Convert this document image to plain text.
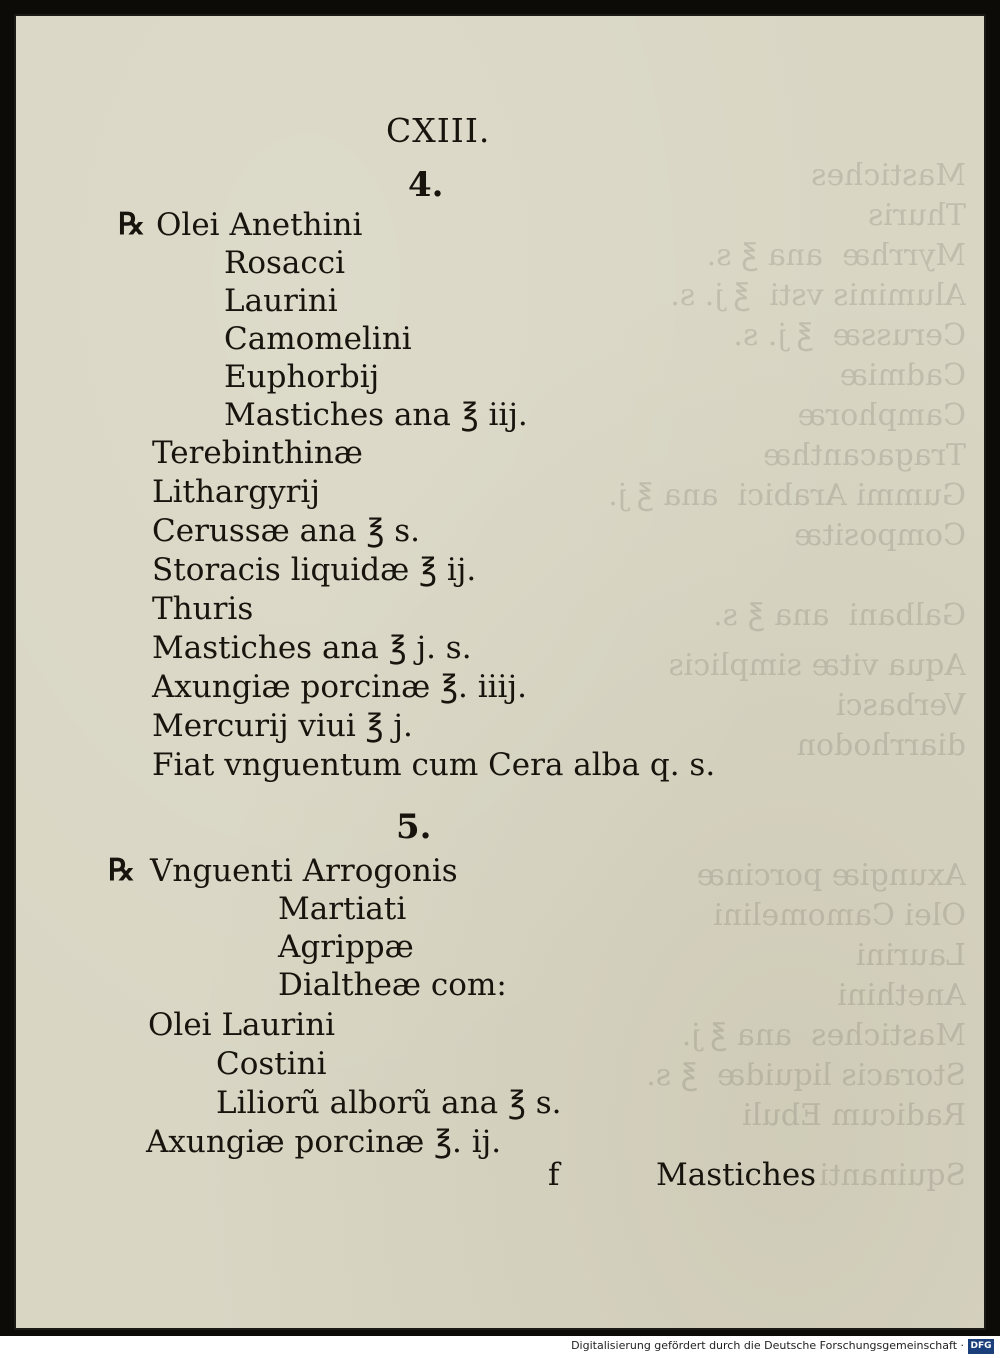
Mastiches
Thuris
Myrrhæ  ana ℥ s.
Aluminis vsti  ℥ j. s.
Cerussæ  ℥ j. s.
Cadmiæ
Camphoræ
Tragacanthæ
Gummi Arabici  ana ℥ j.
Compositæ
Galbani  ana ℥ s.
Aqua vitæ simplicis
Verbasci
diarrhodon
Axungiæ porcinæ
Olei Camomelini
Laurini
Anethini
Mastiches  ana ℥ j.
Storacis liquidæ  ℥ s.
Radicum Ebuli
Squinanti
CXIII.
4.
℞ Olei Anethini
Rosacci
Laurini
Camomelini
Euphorbij
Mastiches ana ℥ iij.
Terebinthinæ
Lithargyrij
Cerussæ ana ℥ s.
Storacis liquidæ ℥ ij.
Thuris
Mastiches ana ℥ j. s.
Axungiæ porcinæ ℥. iiij.
Mercurij viui ℥ j.
Fiat vnguentum cum Cera alba q. s.
5.
℞ Vnguenti Arrogonis
Martiati
Agrippæ
Dialtheæ com:
Olei Laurini
Costini
Liliorũ alborũ ana ℥ s.
Axungiæ porcinæ ℥. ij.
f	Mastiches
Digitalisierung gefördert durch die Deutsche Forschungsgemeinschaft · DFG
